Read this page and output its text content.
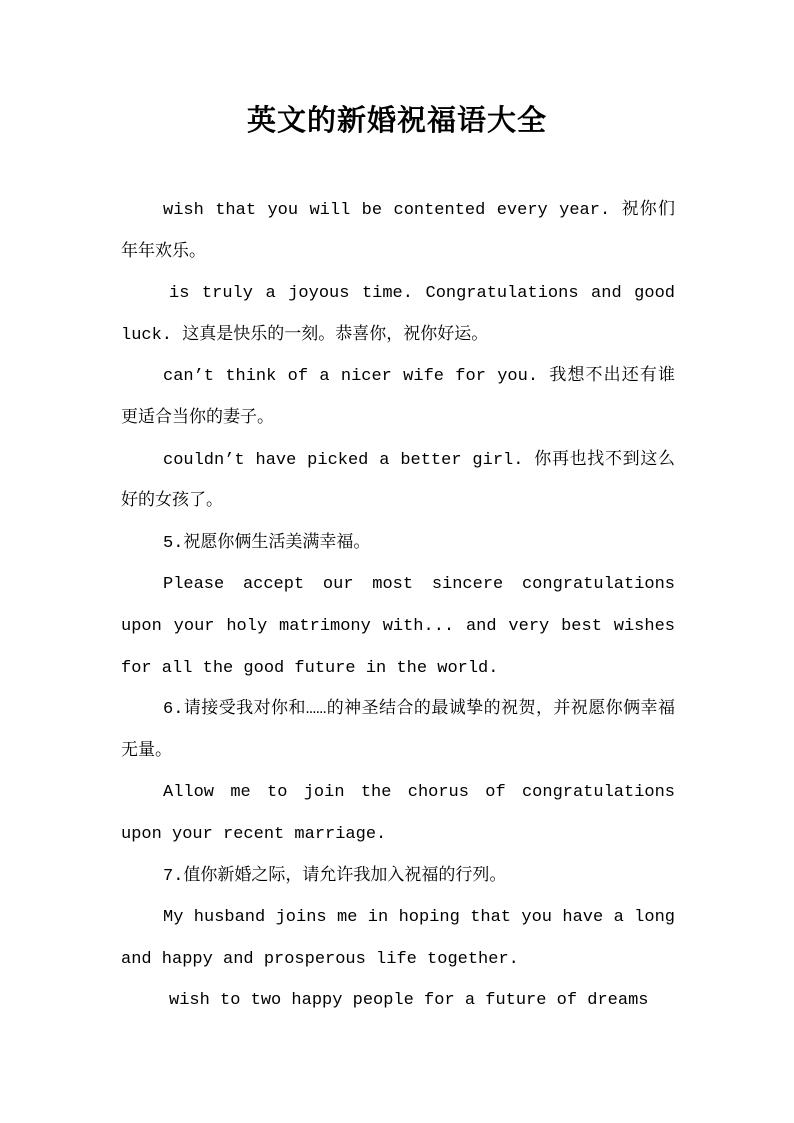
英文的新婚祝福语大全

wish that you will be contented every year. 祝你们年年欢乐。

is truly a joyous time. Congratulations and good luck. 这真是快乐的一刻。恭喜你，祝你好运。

can’t think of a nicer wife for you. 我想不出还有谁更适合当你的妻子。

couldn’t have picked a better girl. 你再也找不到这么好的女孩了。

5.祝愿你俩生活美满幸福。

Please accept our most sincere congratulations upon your holy matrimony with... and very best wishes for all the good future in the world.

6.请接受我对你和……的神圣结合的最诚挚的祝贺，并祝愿你俩幸福无量。

Allow me to join the chorus of congratulations upon your recent marriage.

7.值你新婚之际，请允许我加入祝福的行列。

My husband joins me in hoping that you have a long and happy and prosperous life together.

wish to two happy people for a future of dreams
